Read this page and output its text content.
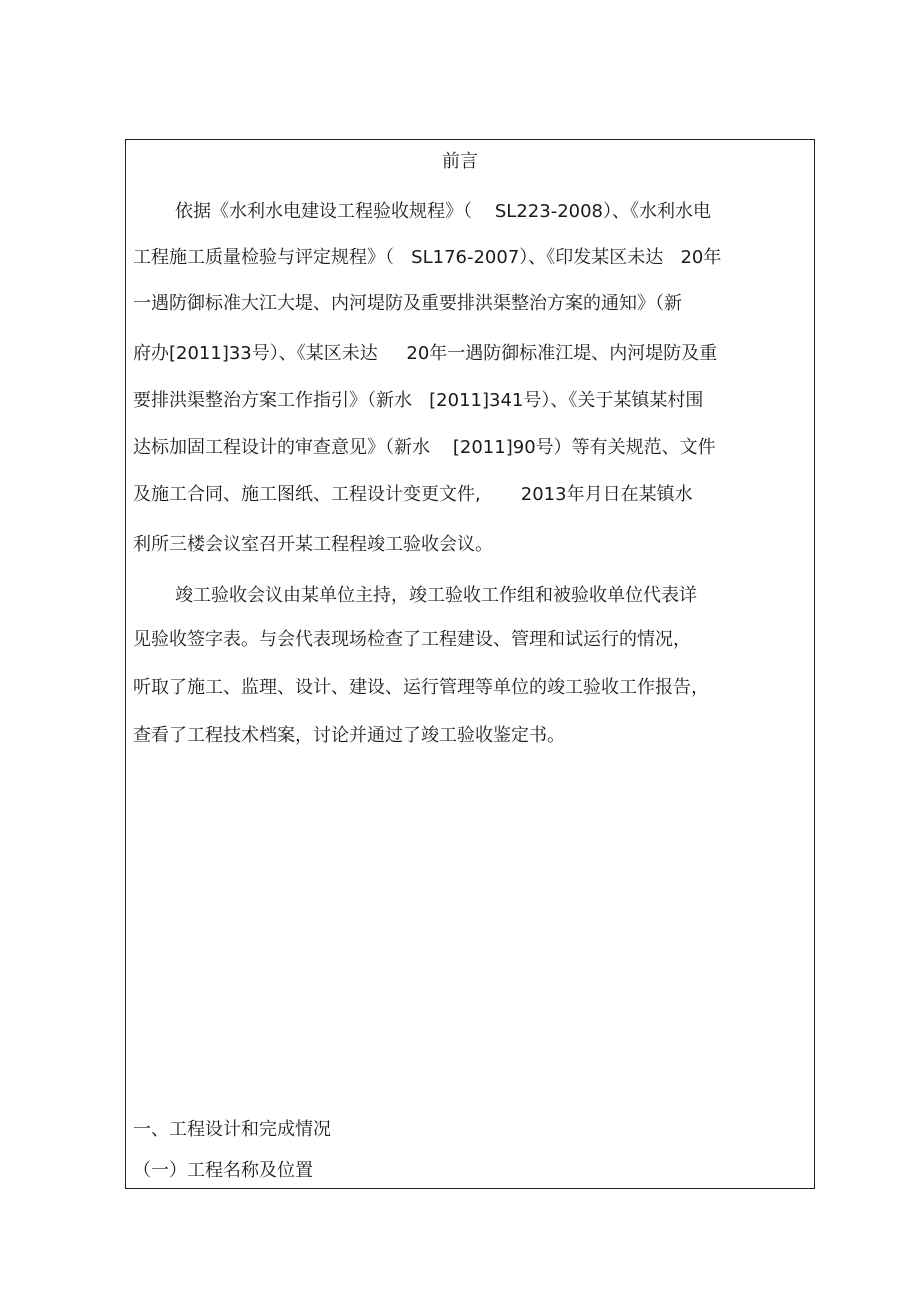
前言
依据《水利水电建设工程验收规程》（    SL223-2008）、《水利水电
工程施工质量检验与评定规程》（   SL176-2007）、《印发某区未达   20年
一遇防御标准大江大堤、内河堤防及重要排洪渠整治方案的通知》（新
府办[2011]33号）、《某区未达     20年一遇防御标准江堤、内河堤防及重
要排洪渠整治方案工作指引》（新水   [2011]341号）、《关于某镇某村围
达标加固工程设计的审查意见》（新水    [2011]90号）等有关规范、文件
及施工合同、施工图纸、工程设计变更文件,       2013年月日在某镇水
利所三楼会议室召开某工程程竣工验收会议。
竣工验收会议由某单位主持，竣工验收工作组和被验收单位代表详
见验收签字表。与会代表现场检查了工程建设、管理和试运行的情况，
听取了施工、监理、设计、建设、运行管理等单位的竣工验收工作报告，
查看了工程技术档案，讨论并通过了竣工验收鉴定书。
一、工程设计和完成情况
（一）工程名称及位置
